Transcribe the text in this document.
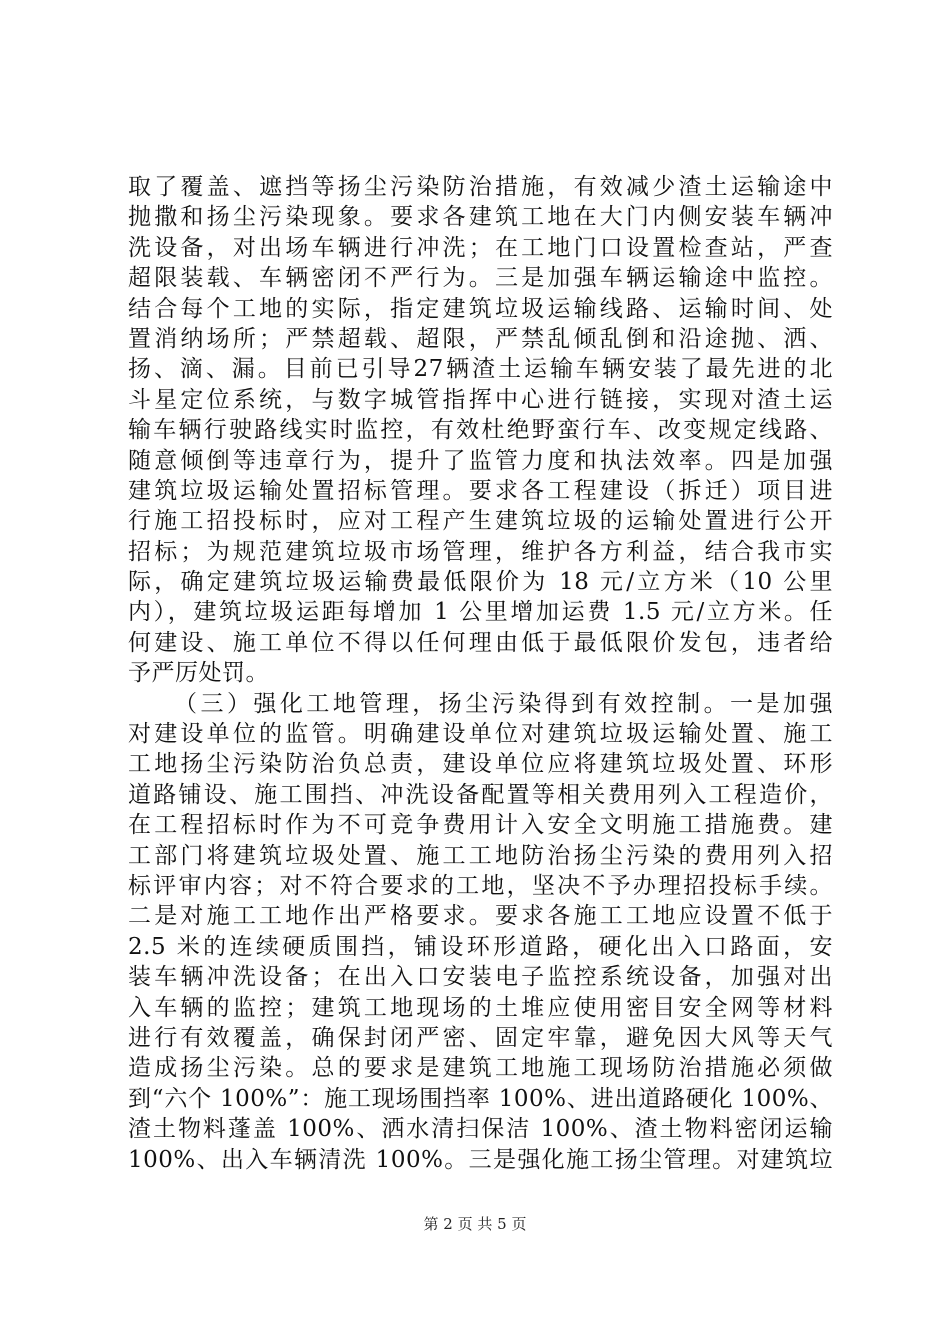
取了覆盖、遮挡等扬尘污染防治措施，有效减少渣土运输途中
抛撒和扬尘污染现象。要求各建筑工地在大门内侧安装车辆冲
洗设备，对出场车辆进行冲洗；在工地门口设置检查站，严查
超限装载、车辆密闭不严行为。三是加强车辆运输途中监控。
结合每个工地的实际，指定建筑垃圾运输线路、运输时间、处
置消纳场所；严禁超载、超限，严禁乱倾乱倒和沿途抛、洒、
扬、滴、漏。目前已引导27辆渣土运输车辆安装了最先进的北
斗星定位系统，与数字城管指挥中心进行链接，实现对渣土运
输车辆行驶路线实时监控，有效杜绝野蛮行车、改变规定线路、
随意倾倒等违章行为，提升了监管力度和执法效率。四是加强
建筑垃圾运输处置招标管理。要求各工程建设（拆迁）项目进
行施工招投标时，应对工程产生建筑垃圾的运输处置进行公开
招标；为规范建筑垃圾市场管理，维护各方利益，结合我市实
际，确定建筑垃圾运输费最低限价为 18 元/立方米（10 公里
内），建筑垃圾运距每增加 1 公里增加运费 1.5 元/立方米。任
何建设、施工单位不得以任何理由低于最低限价发包，违者给
予严厉处罚。
（三）强化工地管理，扬尘污染得到有效控制。一是加强
对建设单位的监管。明确建设单位对建筑垃圾运输处置、施工
工地扬尘污染防治负总责，建设单位应将建筑垃圾处置、环形
道路铺设、施工围挡、冲洗设备配置等相关费用列入工程造价，
在工程招标时作为不可竞争费用计入安全文明施工措施费。建
工部门将建筑垃圾处置、施工工地防治扬尘污染的费用列入招
标评审内容；对不符合要求的工地，坚决不予办理招投标手续。
二是对施工工地作出严格要求。要求各施工工地应设置不低于
2.5 米的连续硬质围挡，铺设环形道路，硬化出入口路面，安
装车辆冲洗设备；在出入口安装电子监控系统设备，加强对出
入车辆的监控；建筑工地现场的土堆应使用密目安全网等材料
进行有效覆盖，确保封闭严密、固定牢靠，避免因大风等天气
造成扬尘污染。总的要求是建筑工地施工现场防治措施必须做
到“六个 100%”：施工现场围挡率 100%、进出道路硬化 100%、
渣土物料蓬盖 100%、洒水清扫保洁 100%、渣土物料密闭运输
100%、出入车辆清洗 100%。三是强化施工扬尘管理。对建筑垃
第 2 页 共 5 页
